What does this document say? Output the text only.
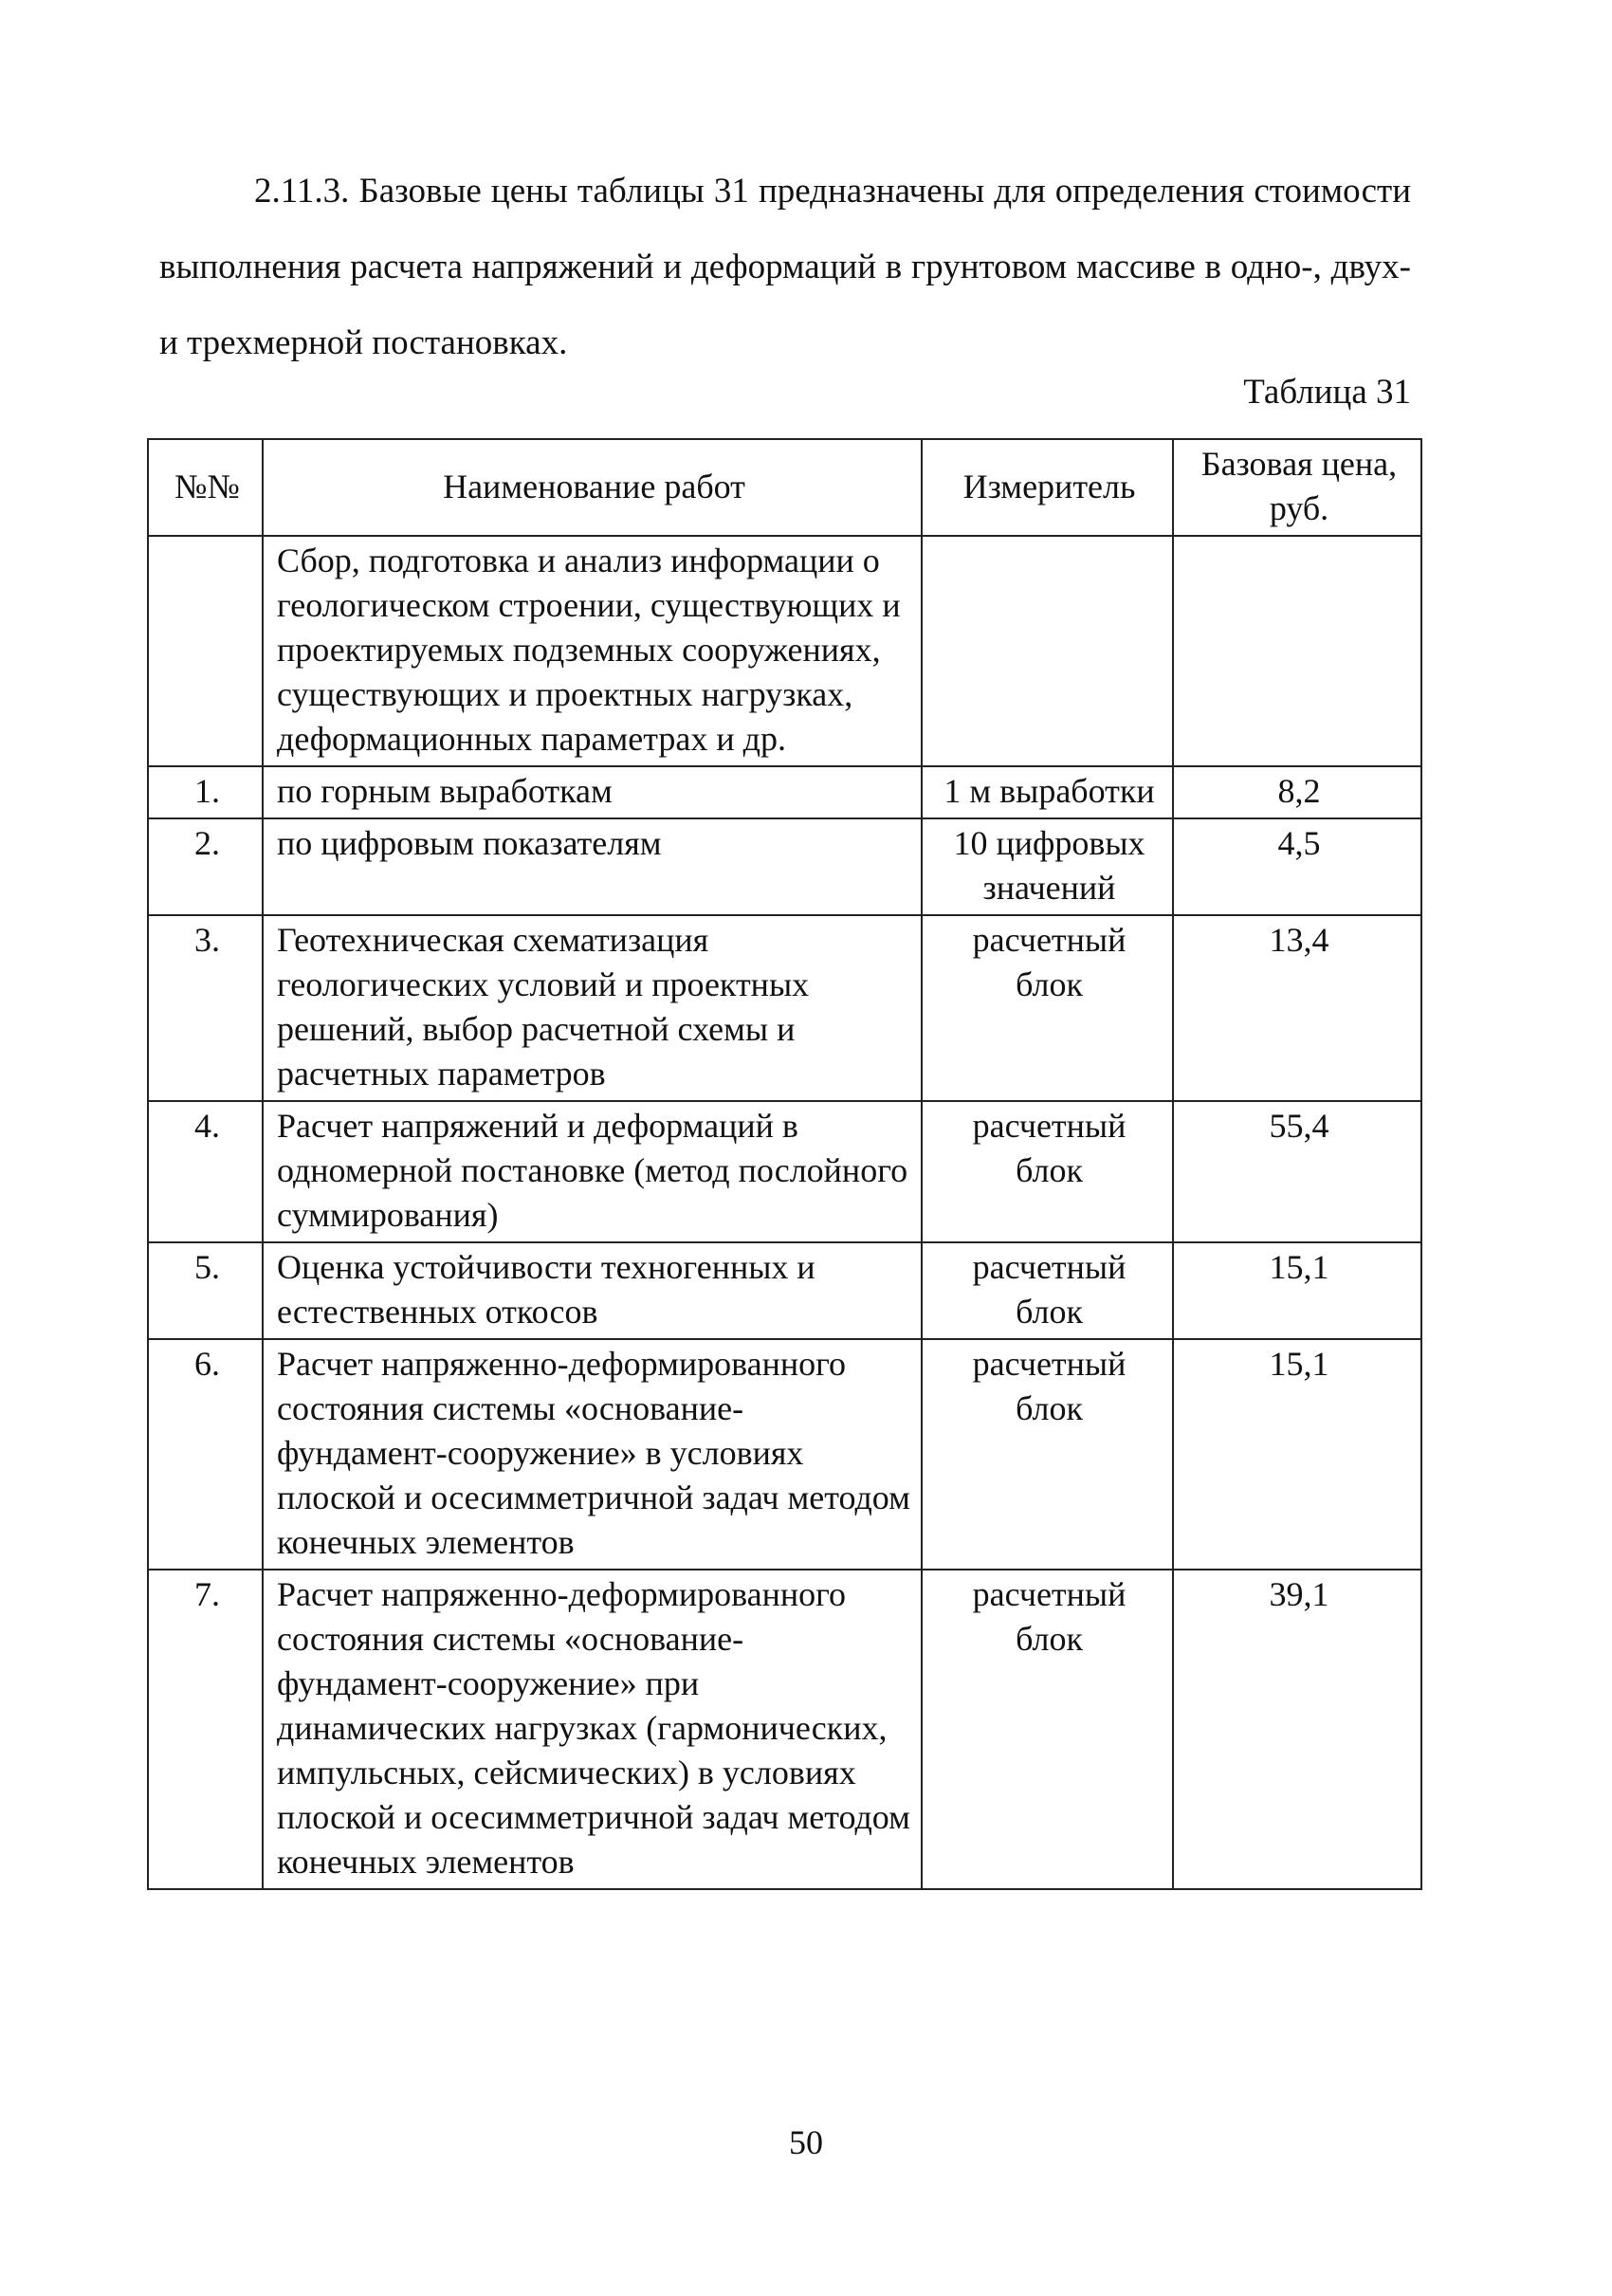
2.11.3. Базовые цены таблицы 31 предназначены для определения стоимости выполнения расчета напряжений и деформаций в грунтовом массиве в одно-, двух- и трехмерной постановках.

Таблица 31

№№	Наименование работ	Измеритель	Базовая цена, руб.
	Сбор, подготовка и анализ информации о геологическом строении, существующих и проектируемых подземных сооружениях, существующих и проектных нагрузках, деформационных параметрах и др.		
1.	по горным выработкам	1 м выработки	8,2
2.	по цифровым показателям	10 цифровых значений	4,5
3.	Геотехническая схематизация геологических условий и проектных решений, выбор расчетной схемы и расчетных параметров	расчетный блок	13,4
4.	Расчет напряжений и деформаций в одномерной постановке (метод послойного суммирования)	расчетный блок	55,4
5.	Оценка устойчивости техногенных и естественных откосов	расчетный блок	15,1
6.	Расчет напряженно-деформированного состояния системы «основание-фундамент-сооружение» в условиях плоской и осесимметричной задач методом конечных элементов	расчетный блок	15,1
7.	Расчет напряженно-деформированного состояния системы «основание-фундамент-сооружение» при динамических нагрузках (гармонических, импульсных, сейсмических) в условиях плоской и осесимметричной задач методом конечных элементов	расчетный блок	39,1

50
